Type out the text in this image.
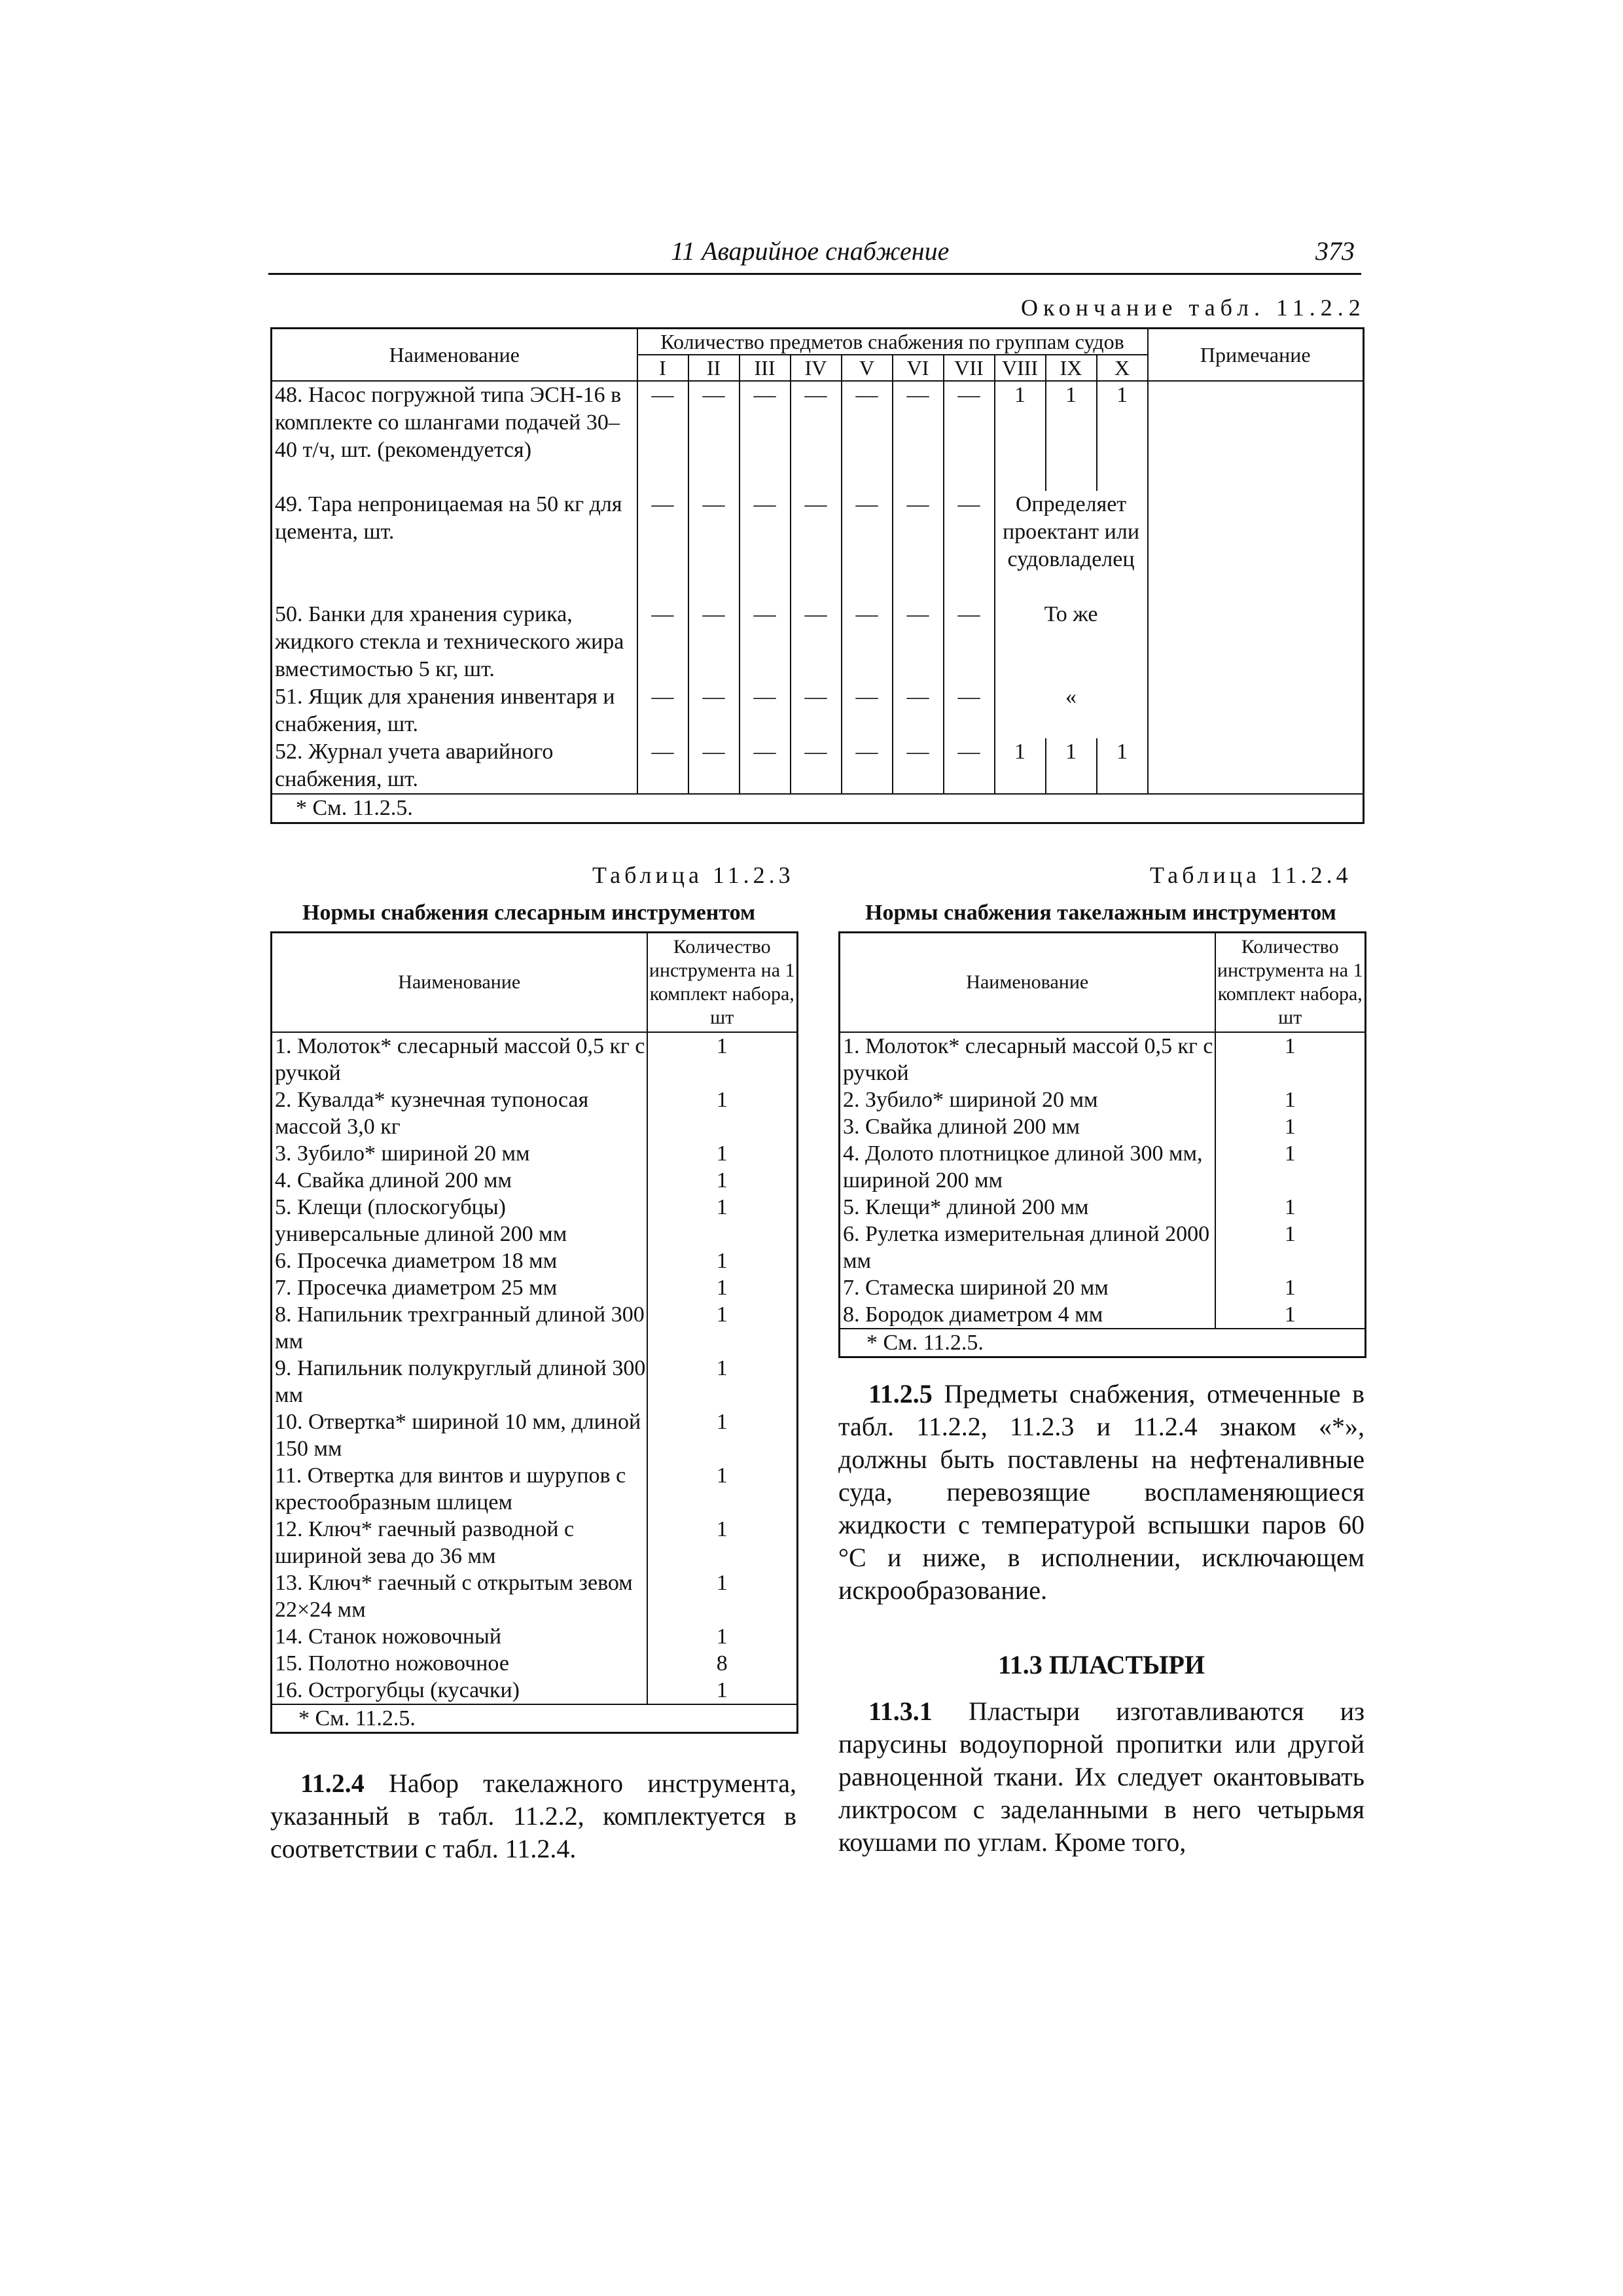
11 Аварийное снабжение	373
Окончание табл. 11.2.2
Наименование	Количество предметов снабжения по группам судов										Примечание
	I	II	III	IV	V	VI	VII	VIII	IX	X	
48. Насос погружной типа ЭСН-16 в комплекте со шлангами подачей 30–40 т/ч, шт. (рекомендуется)	—	—	—	—	—	—	—	1	1	1	
49. Тара непроницаемая на 50 кг для цемента, шт.	—	—	—	—	—	—	—	Определяет проектант или судовладелец			
50. Банки для хранения сурика, жидкого стекла и технического жира вместимостью 5 кг, шт.	—	—	—	—	—	—	—	То же			
51. Ящик для хранения инвентаря и снабжения, шт.	—	—	—	—	—	—	—	«			
52. Журнал учета аварийного снабжения, шт.	—	—	—	—	—	—	—	1	1	1	
* См. 11.2.5.											
Таблица 11.2.3
Нормы снабжения слесарным инструментом
Наименование	Количество инструмента на 1 комплект набора, шт
1. Молоток* слесарный массой 0,5 кг с ручкой	1
2. Кувалда* кузнечная тупоносая массой 3,0 кг	1
3. Зубило* шириной 20 мм	1
4. Свайка длиной 200 мм	1
5. Клещи (плоскогубцы) универсальные длиной 200 мм	1
6. Просечка диаметром 18 мм	1
7. Просечка диаметром 25 мм	1
8. Напильник трехгранный длиной 300 мм	1
9. Напильник полукруглый длиной 300 мм	1
10. Отвертка* шириной 10 мм, длиной 150 мм	1
11. Отвертка для винтов и шурупов с крестообразным шлицем	1
12. Ключ* гаечный разводной с шириной зева до 36 мм	1
13. Ключ* гаечный с открытым зевом 22×24 мм	1
14. Станок ножовочный	1
15. Полотно ножовочное	8
16. Острогубцы (кусачки)	1
* См. 11.2.5.	
Таблица 11.2.4
Нормы снабжения такелажным инструментом
Наименование	Количество инструмента на 1 комплект набора, шт
1. Молоток* слесарный массой 0,5 кг с ручкой	1
2. Зубило* шириной 20 мм	1
3. Свайка длиной 200 мм	1
4. Долото плотницкое длиной 300 мм, шириной 200 мм	1
5. Клещи* длиной 200 мм	1
6. Рулетка измерительная длиной 2000 мм	1
7. Стамеска шириной 20 мм	1
8. Бородок диаметром 4 мм	1
* См. 11.2.5.	
11.2.5 Предметы снабжения, отмеченные в табл. 11.2.2, 11.2.3 и 11.2.4 знаком «*», должны быть поставлены на нефтеналивные суда, перевозящие воспламеняющиеся жидкости с температурой вспышки паров 60 °С и ниже, в исполнении, исключающем искрообразование.
11.3 ПЛАСТЫРИ
11.3.1 Пластыри изготавливаются из парусины водоупорной пропитки или другой равноценной ткани. Их следует окантовывать ликтросом с заделанными в него четырьмя коушами по углам. Кроме того,
11.2.4 Набор такелажного инструмента, указанный в табл. 11.2.2, комплектуется в соответствии с табл. 11.2.4.
